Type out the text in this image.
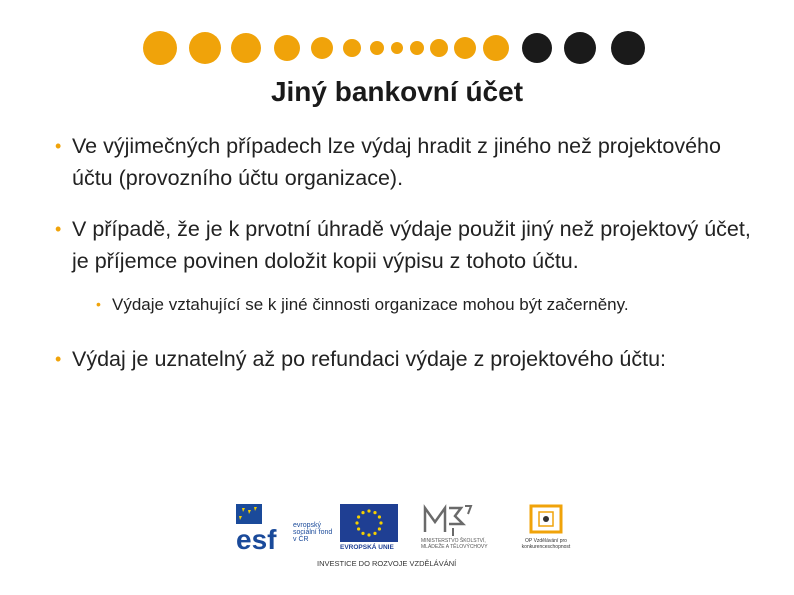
Jiný bankovní účet
• Ve výjimečných případech lze výdaj hradit z jiného než projektového účtu (provozního účtu organizace).
• V případě, že je k prvotní úhradě výdaje použit jiný než projektový účet, je příjemce povinen doložit kopii výpisu z tohoto účtu.
• Výdaje vztahující se k jiné činnosti organizace mohou být začerněny.
• Výdaj je uznatelný až po refundaci výdaje z projektového účtu:
esf evropský sociální fond v ČR
EVROPSKÁ UNIE
MINISTERSTVO ŠKOLSTVÍ, MLÁDEŽE A TĚLOVÝCHOVY
OP Vzdělávání pro konkurenceschopnost
INVESTICE DO ROZVOJE VZDĚLÁVÁNÍ
